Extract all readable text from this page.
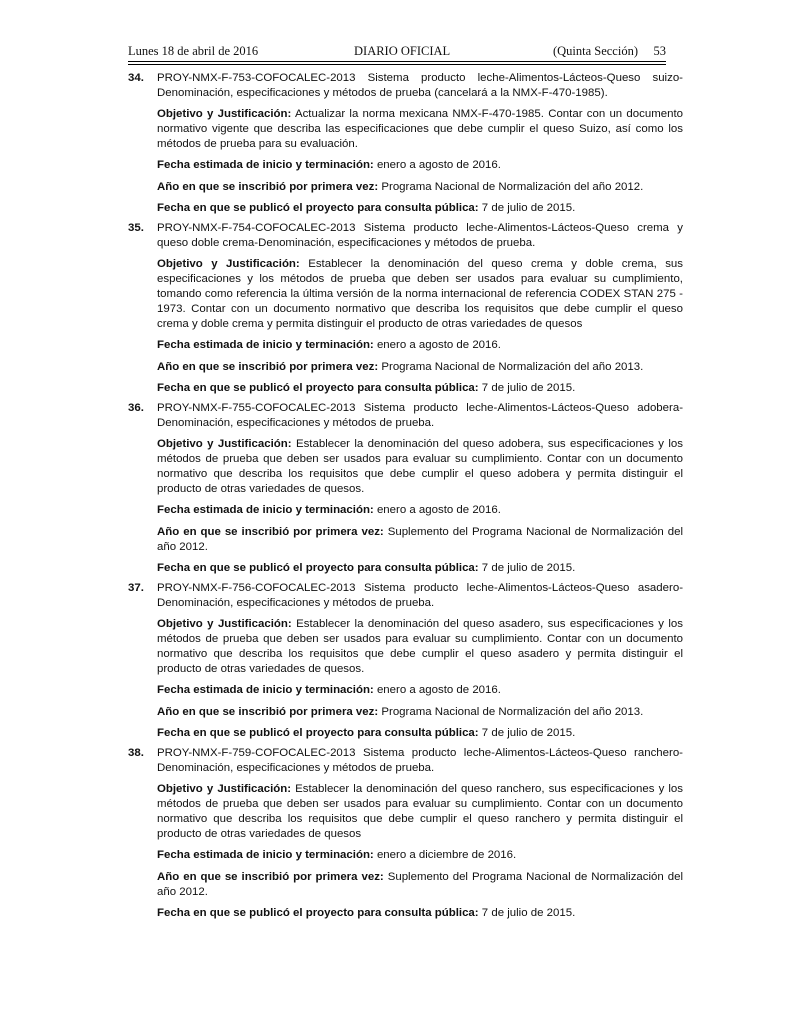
Lunes 18 de abril de 2016	DIARIO OFICIAL	(Quinta Sección) 53
34. PROY-NMX-F-753-COFOCALEC-2013 Sistema producto leche-Alimentos-Lácteos-Queso suizo-Denominación, especificaciones y métodos de prueba (cancelará a la NMX-F-470-1985).

Objetivo y Justificación: Actualizar la norma mexicana NMX-F-470-1985. Contar con un documento normativo vigente que describa las especificaciones que debe cumplir el queso Suizo, así como los métodos de prueba para su evaluación.

Fecha estimada de inicio y terminación: enero a agosto de 2016.

Año en que se inscribió por primera vez: Programa Nacional de Normalización del año 2012.

Fecha en que se publicó el proyecto para consulta pública: 7 de julio de 2015.

35. PROY-NMX-F-754-COFOCALEC-2013 Sistema producto leche-Alimentos-Lácteos-Queso crema y queso doble crema-Denominación, especificaciones y métodos de prueba.

Objetivo y Justificación: Establecer la denominación del queso crema y doble crema, sus especificaciones y los métodos de prueba que deben ser usados para evaluar su cumplimiento, tomando como referencia la última versión de la norma internacional de referencia CODEX STAN 275 - 1973. Contar con un documento normativo que describa los requisitos que debe cumplir el queso crema y doble crema y permita distinguir el producto de otras variedades de quesos

Fecha estimada de inicio y terminación: enero a agosto de 2016.

Año en que se inscribió por primera vez: Programa Nacional de Normalización del año 2013.

Fecha en que se publicó el proyecto para consulta pública: 7 de julio de 2015.

36. PROY-NMX-F-755-COFOCALEC-2013 Sistema producto leche-Alimentos-Lácteos-Queso adobera-Denominación, especificaciones y métodos de prueba.

Objetivo y Justificación: Establecer la denominación del queso adobera, sus especificaciones y los métodos de prueba que deben ser usados para evaluar su cumplimiento. Contar con un documento normativo que describa los requisitos que debe cumplir el queso adobera y permita distinguir el producto de otras variedades de quesos.

Fecha estimada de inicio y terminación: enero a agosto de 2016.

Año en que se inscribió por primera vez: Suplemento del Programa Nacional de Normalización del año 2012.

Fecha en que se publicó el proyecto para consulta pública: 7 de julio de 2015.

37. PROY-NMX-F-756-COFOCALEC-2013 Sistema producto leche-Alimentos-Lácteos-Queso asadero-Denominación, especificaciones y métodos de prueba.

Objetivo y Justificación: Establecer la denominación del queso asadero, sus especificaciones y los métodos de prueba que deben ser usados para evaluar su cumplimiento. Contar con un documento normativo que describa los requisitos que debe cumplir el queso asadero y permita distinguir el producto de otras variedades de quesos.

Fecha estimada de inicio y terminación: enero a agosto de 2016.

Año en que se inscribió por primera vez: Programa Nacional de Normalización del año 2013.

Fecha en que se publicó el proyecto para consulta pública: 7 de julio de 2015.

38. PROY-NMX-F-759-COFOCALEC-2013 Sistema producto leche-Alimentos-Lácteos-Queso ranchero-Denominación, especificaciones y métodos de prueba.

Objetivo y Justificación: Establecer la denominación del queso ranchero, sus especificaciones y los métodos de prueba que deben ser usados para evaluar su cumplimiento. Contar con un documento normativo que describa los requisitos que debe cumplir el queso ranchero y permita distinguir el producto de otras variedades de quesos

Fecha estimada de inicio y terminación: enero a diciembre de 2016.

Año en que se inscribió por primera vez: Suplemento del Programa Nacional de Normalización del año 2012.

Fecha en que se publicó el proyecto para consulta pública: 7 de julio de 2015.
